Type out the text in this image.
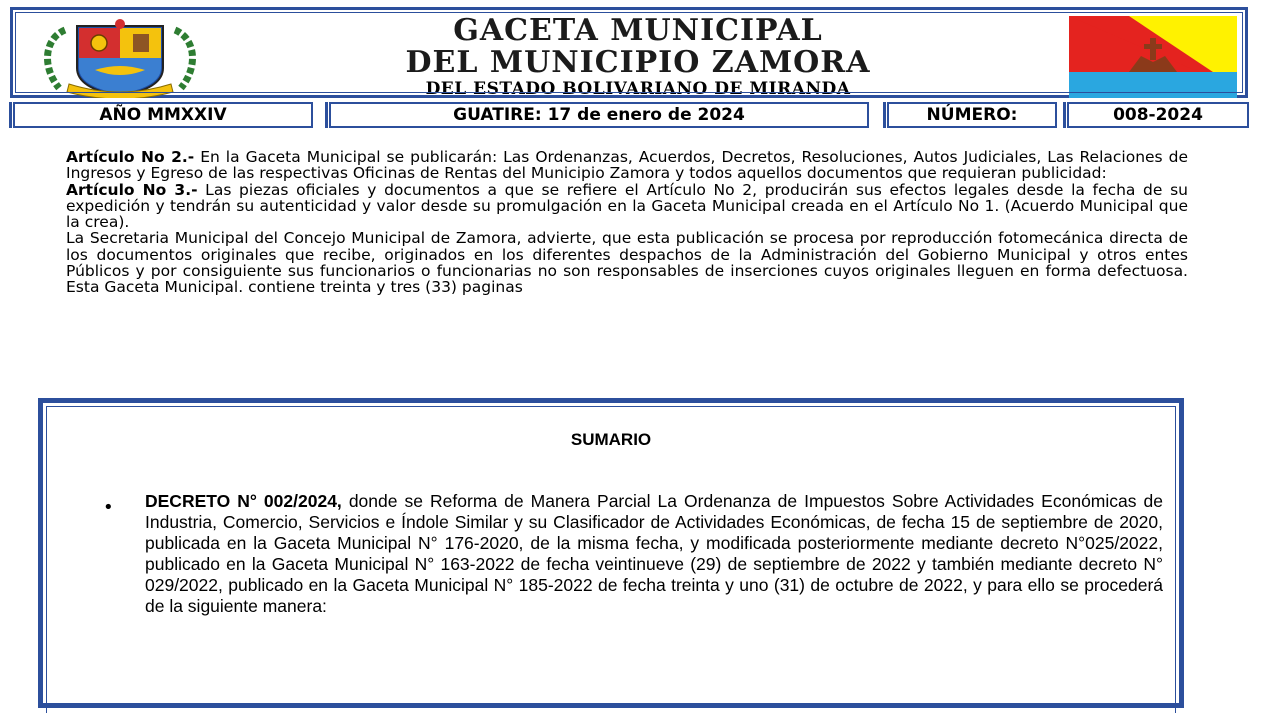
GACETA MUNICIPAL
DEL MUNICIPIO ZAMORA
DEL ESTADO BOLIVARIANO DE MIRANDA
AÑO MMXXIV	GUATIRE: 17 de enero de 2024	NÚMERO:	008-2024

Artículo No 2.- En la Gaceta Municipal se publicarán: Las Ordenanzas, Acuerdos, Decretos, Resoluciones, Autos Judiciales, Las Relaciones de Ingresos y Egreso de las respectivas Oficinas de Rentas del Municipio Zamora y todos aquellos documentos que requieran publicidad:

Artículo No 3.- Las piezas oficiales y documentos a que se refiere el Artículo No 2, producirán sus efectos legales desde la fecha de su expedición y tendrán su autenticidad y valor desde su promulgación en la Gaceta Municipal creada en el Artículo No 1. (Acuerdo Municipal que la crea).

La Secretaria Municipal del Concejo Municipal de Zamora, advierte, que esta publicación se procesa por reproducción fotomecánica directa de los documentos originales que recibe, originados en los diferentes despachos de la Administración del Gobierno Municipal y otros entes Públicos y por consiguiente sus funcionarios o funcionarias no son responsables de inserciones cuyos originales lleguen en forma defectuosa. Esta Gaceta Municipal. contiene treinta y tres (33) paginas

SUMARIO
• DECRETO N° 002/2024, donde se Reforma de Manera Parcial La Ordenanza de Impuestos Sobre Actividades Económicas de Industria, Comercio, Servicios e Índole Similar y su Clasificador de Actividades Económicas, de fecha 15 de septiembre de 2020, publicada en la Gaceta Municipal N° 176-2020, de la misma fecha, y modificada posteriormente mediante decreto N°025/2022, publicado en la Gaceta Municipal N° 163-2022 de fecha veintinueve (29) de septiembre de 2022 y también mediante decreto N° 029/2022, publicado en la Gaceta Municipal N° 185-2022 de fecha treinta y uno (31) de octubre de 2022, y para ello se procederá de la siguiente manera:
